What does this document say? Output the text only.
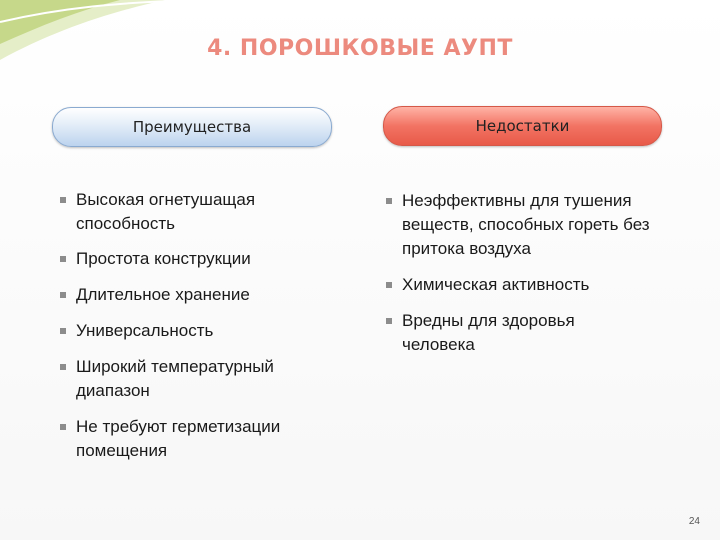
4. ПОРОШКОВЫЕ АУПТ
Преимущества	Недостатки
Высокая огнетушащая способность
Простота конструкции
Длительное хранение
Универсальность
Широкий температурный диапазон
Не требуют герметизации помещения
Неэффективны для тушения веществ, способных гореть без притока воздуха
Химическая активность
Вредны для здоровья человека
24
